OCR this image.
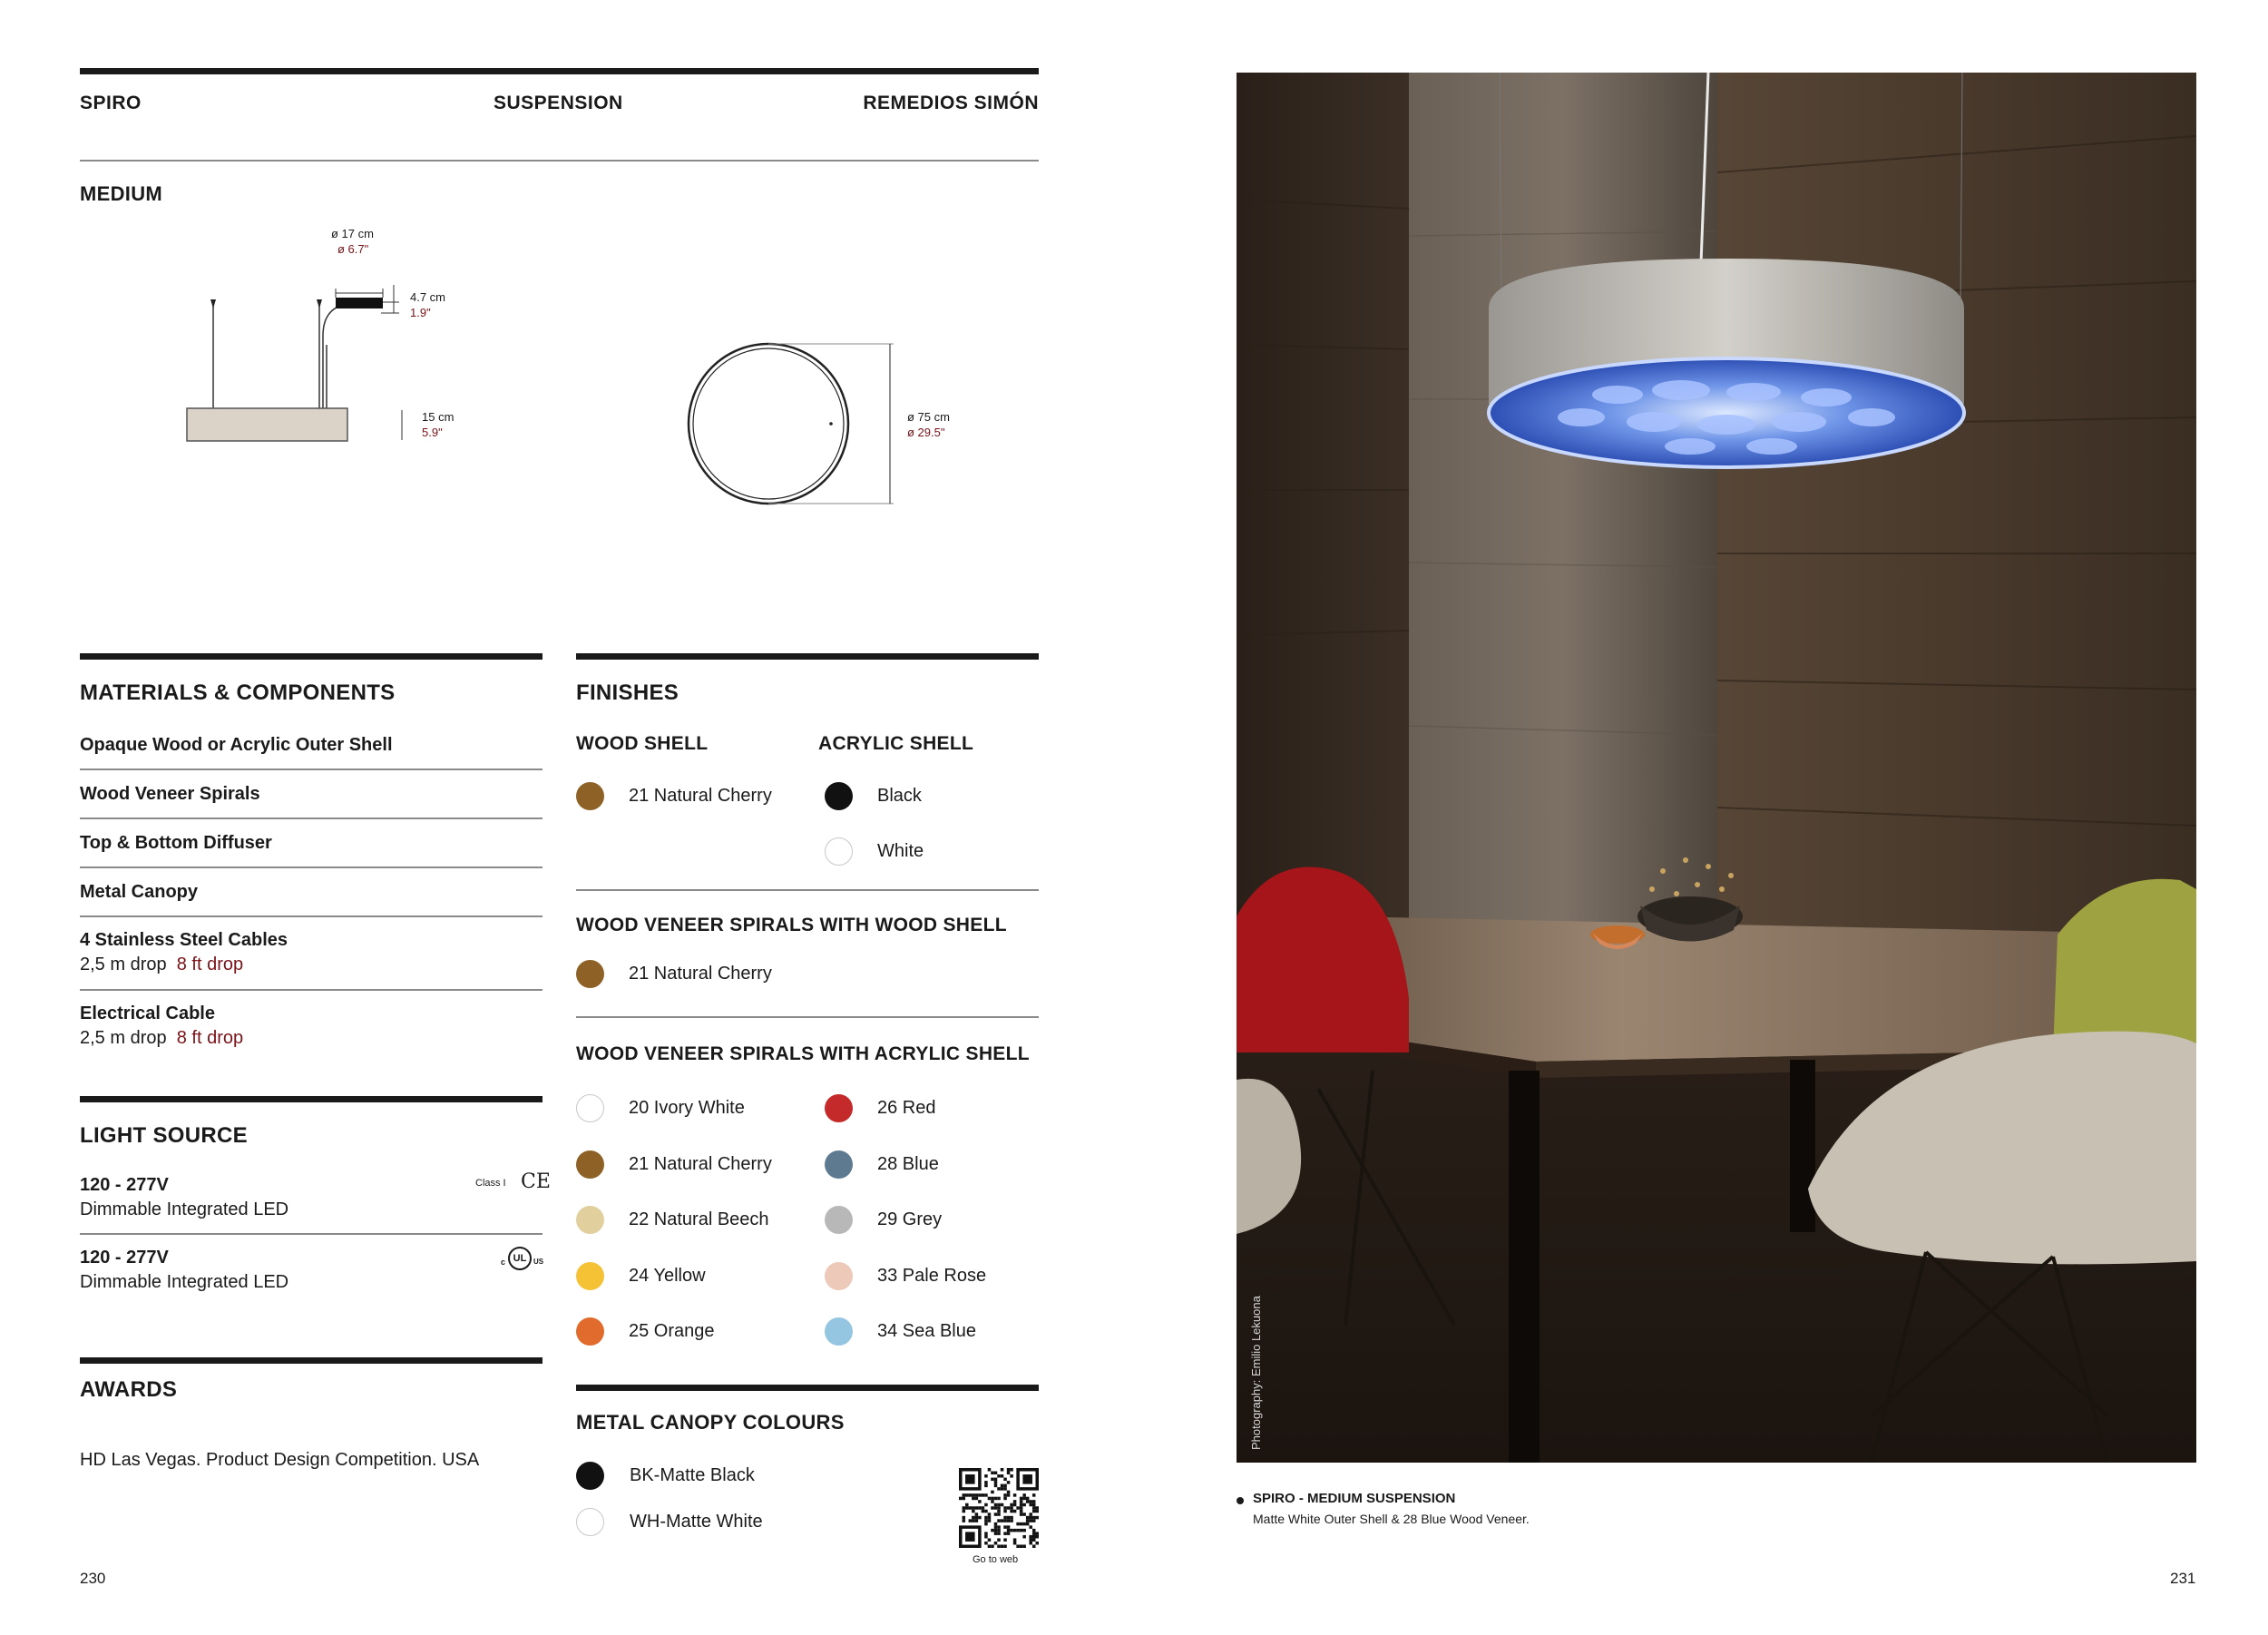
SPIRO	SUSPENSION	REMEDIOS SIMÓN
MEDIUM
ø 17 cm
ø 6.7"
4.7 cm
1.9"
15 cm
5.9"
ø 75 cm
ø 29.5"
MATERIALS & COMPONENTS
Opaque Wood or Acrylic Outer Shell
Wood Veneer Spirals
Top & Bottom Diffuser
Metal Canopy
4 Stainless Steel Cables
2,5 m drop 8 ft drop
Electrical Cable
2,5 m drop 8 ft drop
LIGHT SOURCE
120 - 277V
Dimmable Integrated LED
Class I CE
120 - 277V
Dimmable Integrated LED
c UL US
AWARDS
HD Las Vegas. Product Design Competition. USA
FINISHES
WOOD SHELL	ACRYLIC SHELL
21 Natural Cherry	Black
White
WOOD VENEER SPIRALS WITH WOOD SHELL
21 Natural Cherry
WOOD VENEER SPIRALS WITH ACRYLIC SHELL
20 Ivory White
21 Natural Cherry
22 Natural Beech
24 Yellow
25 Orange
26 Red
28 Blue
29 Grey
33 Pale Rose
34 Sea Blue
METAL CANOPY COLOURS
BK-Matte Black
WH-Matte White
Go to web
230	231
Photography: Emilio Lekuona
SPIRO - MEDIUM SUSPENSION
Matte White Outer Shell & 28 Blue Wood Veneer.
